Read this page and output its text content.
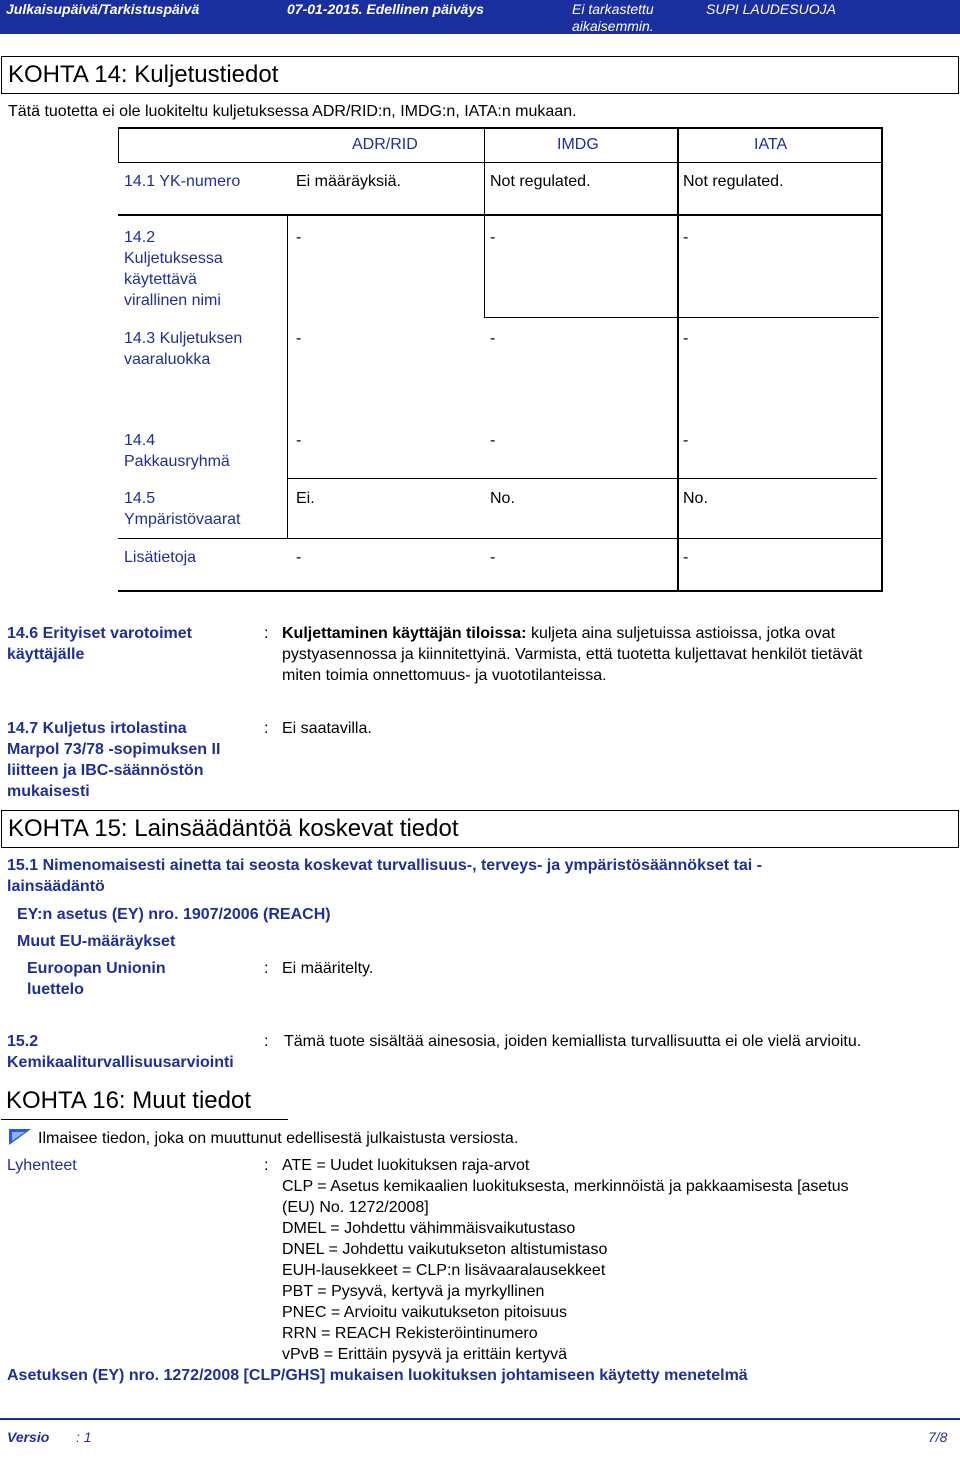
Julkaisupäivä/Tarkistuspäivä	07-01-2015. Edellinen päiväys	Ei tarkastettu aikaisemmin.
SUPI LAUDESUOJA
KOHTA 14: Kuljetustiedot
Tätä tuotetta ei ole luokiteltu kuljetuksessa ADR/RID:n, IMDG:n, IATA:n mukaan.
ADR/RID	IMDG	IATA
14.1 YK-numero	Ei määräyksiä.	Not regulated.	Not regulated.
14.2
Kuljetuksessa
käytettävä
virallinen nimi
-	-	-
14.3 Kuljetuksen
vaaraluokka
-	-	-
14.4
Pakkausryhmä
-	-	-
14.5
Ympäristövaarat
Ei.	No.	No.
Lisätietoja	-	-	-
14.6 Erityiset varotoimet
käyttäjälle
: Kuljettaminen käyttäjän tiloissa: kuljeta aina suljetuissa astioissa, jotka ovat
pystyasennossa ja kiinnitettyinä. Varmista, että tuotetta kuljettavat henkilöt tietävät
miten toimia onnettomuus- ja vuototilanteissa.
14.7 Kuljetus irtolastina
Marpol 73/78 -sopimuksen II
liitteen ja IBC-säännöstön
mukaisesti
: Ei saatavilla.
KOHTA 15: Lainsäädäntöä koskevat tiedot
15.1 Nimenomaisesti ainetta tai seosta koskevat turvallisuus-, terveys- ja ympäristösäännökset tai -
lainsäädäntö
EY:n asetus (EY) nro. 1907/2006 (REACH)
Muut EU-määräykset
Euroopan Unionin
luettelo
: Ei määritelty.
15.2
Kemikaaliturvallisuusarviointi
: Tämä tuote sisältää ainesosia, joiden kemiallista turvallisuutta ei ole vielä arvioitu.
KOHTA 16: Muut tiedot
Ilmaisee tiedon, joka on muuttunut edellisestä julkaistusta versiosta.
Lyhenteet	: ATE = Uudet luokituksen raja-arvot
CLP = Asetus kemikaalien luokituksesta, merkinnöistä ja pakkaamisesta [asetus
(EU) No. 1272/2008]
DMEL = Johdettu vähimmäisvaikutustaso
DNEL = Johdettu vaikutukseton altistumistaso
EUH-lausekkeet = CLP:n lisävaaralausekkeet
PBT = Pysyvä, kertyvä ja myrkyllinen
PNEC = Arvioitu vaikutukseton pitoisuus
RRN = REACH Rekisteröintinumero
vPvB = Erittäin pysyvä ja erittäin kertyvä
Asetuksen (EY) nro. 1272/2008 [CLP/GHS] mukaisen luokituksen johtamiseen käytetty menetelmä
Versio : 1	7/8
